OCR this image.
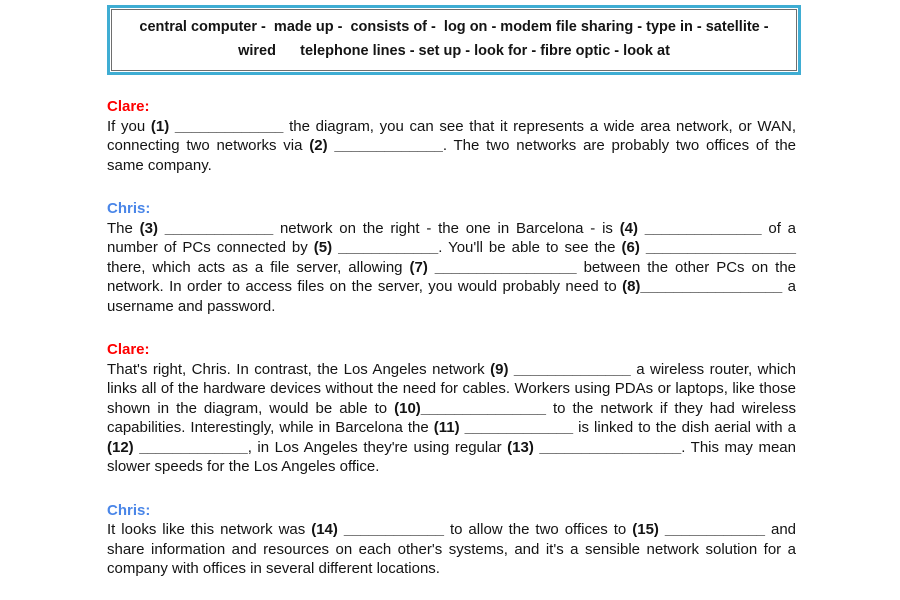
central computer -  made up -  consists of -  log on - modem file sharing - type in - satellite -
wired      telephone lines - set up - look for - fibre optic - look at
Clare:

If you (1) _____________ the diagram, you can see that it represents a wide area network, or WAN, connecting two networks via (2) _____________. The two networks are probably two offices of the same company.

Chris:

The (3) _____________ network on the right - the one in Barcelona - is (4) ______________ of a number of PCs connected by (5) ____________. You'll be able to see the (6) __________________ there, which acts as a file server, allowing (7) _________________ between the other PCs on the network. In order to access files on the server, you would probably need to (8)_________________ a username and password.

Clare:

That's right, Chris. In contrast, the Los Angeles network (9) ______________ a wireless router, which links all of the hardware devices without the need for cables. Workers using PDAs or laptops, like those shown in the diagram, would be able to (10)_______________ to the network if they had wireless capabilities. Interestingly, while in Barcelona the (11) _____________ is linked to the dish aerial with a (12) _____________, in Los Angeles they're using regular (13) _________________. This may mean slower speeds for the Los Angeles office.

Chris:

It looks like this network was (14) ____________ to allow the two offices to (15) ____________ and share information and resources on each other's systems, and it's a sensible network solution for a company with offices in several different locations.
